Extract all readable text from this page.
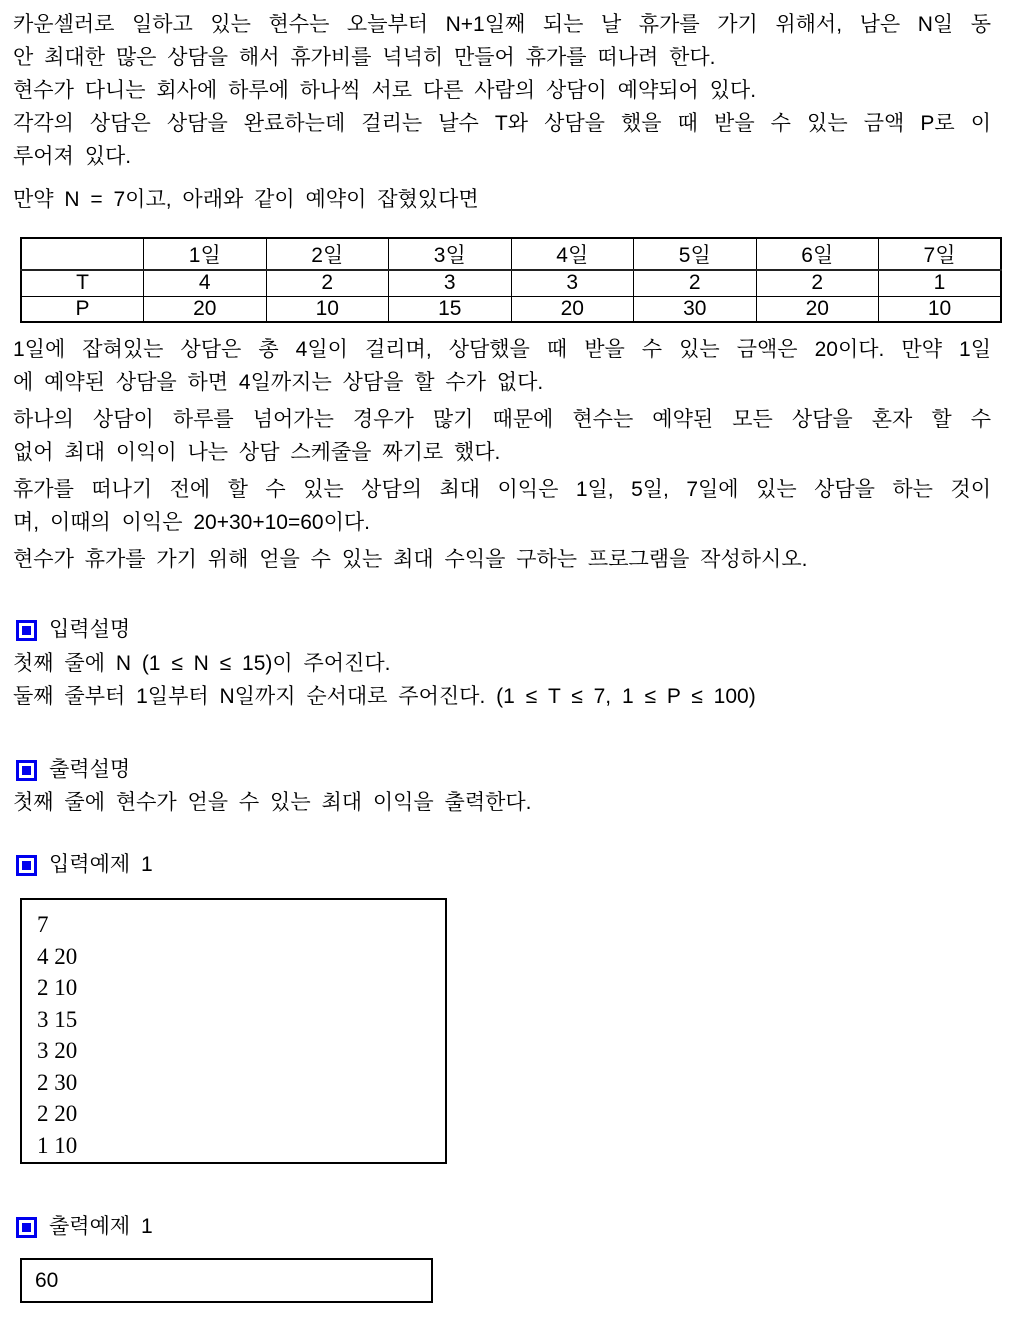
카운셀러로 일하고 있는 현수는 오늘부터 N+1일째 되는 날 휴가를 가기 위해서, 남은 N일 동
안 최대한 많은 상담을 해서 휴가비를 넉넉히 만들어 휴가를 떠나려 한다.
현수가 다니는 회사에 하루에 하나씩 서로 다른 사람의 상담이 예약되어 있다.
각각의 상담은 상담을 완료하는데 걸리는 날수 T와 상담을 했을 때 받을 수 있는 금액 P로 이
루어져 있다.
만약 N = 7이고, 아래와 같이 예약이 잡혔있다면
	1일	2일	3일	4일	5일	6일	7일
T	4	2	3	3	2	2	1
P	20	10	15	20	30	20	10
1일에 잡혀있는 상담은 총 4일이 걸리며, 상담했을 때 받을 수 있는 금액은 20이다. 만약 1일
에 예약된 상담을 하면 4일까지는 상담을 할 수가 없다.
하나의 상담이 하루를 넘어가는 경우가 많기 때문에 현수는 예약된 모든 상담을 혼자 할 수
없어 최대 이익이 나는 상담 스케줄을 짜기로 했다.
휴가를 떠나기 전에 할 수 있는 상담의 최대 이익은 1일, 5일, 7일에 있는 상담을 하는 것이
며, 이때의 이익은 20+30+10=60이다.
현수가 휴가를 가기 위해 얻을 수 있는 최대 수익을 구하는 프로그램을 작성하시오.
입력설명
첫째 줄에 N (1 ≤ N ≤ 15)이 주어진다.
둘째 줄부터 1일부터 N일까지 순서대로 주어진다. (1 ≤ T ≤ 7, 1 ≤ P ≤ 100)
출력설명
첫째 줄에 현수가 얻을 수 있는 최대 이익을 출력한다.
입력예제 1
7
4 20
2 10
3 15
3 20
2 30
2 20
1 10
출력예제 1
60
